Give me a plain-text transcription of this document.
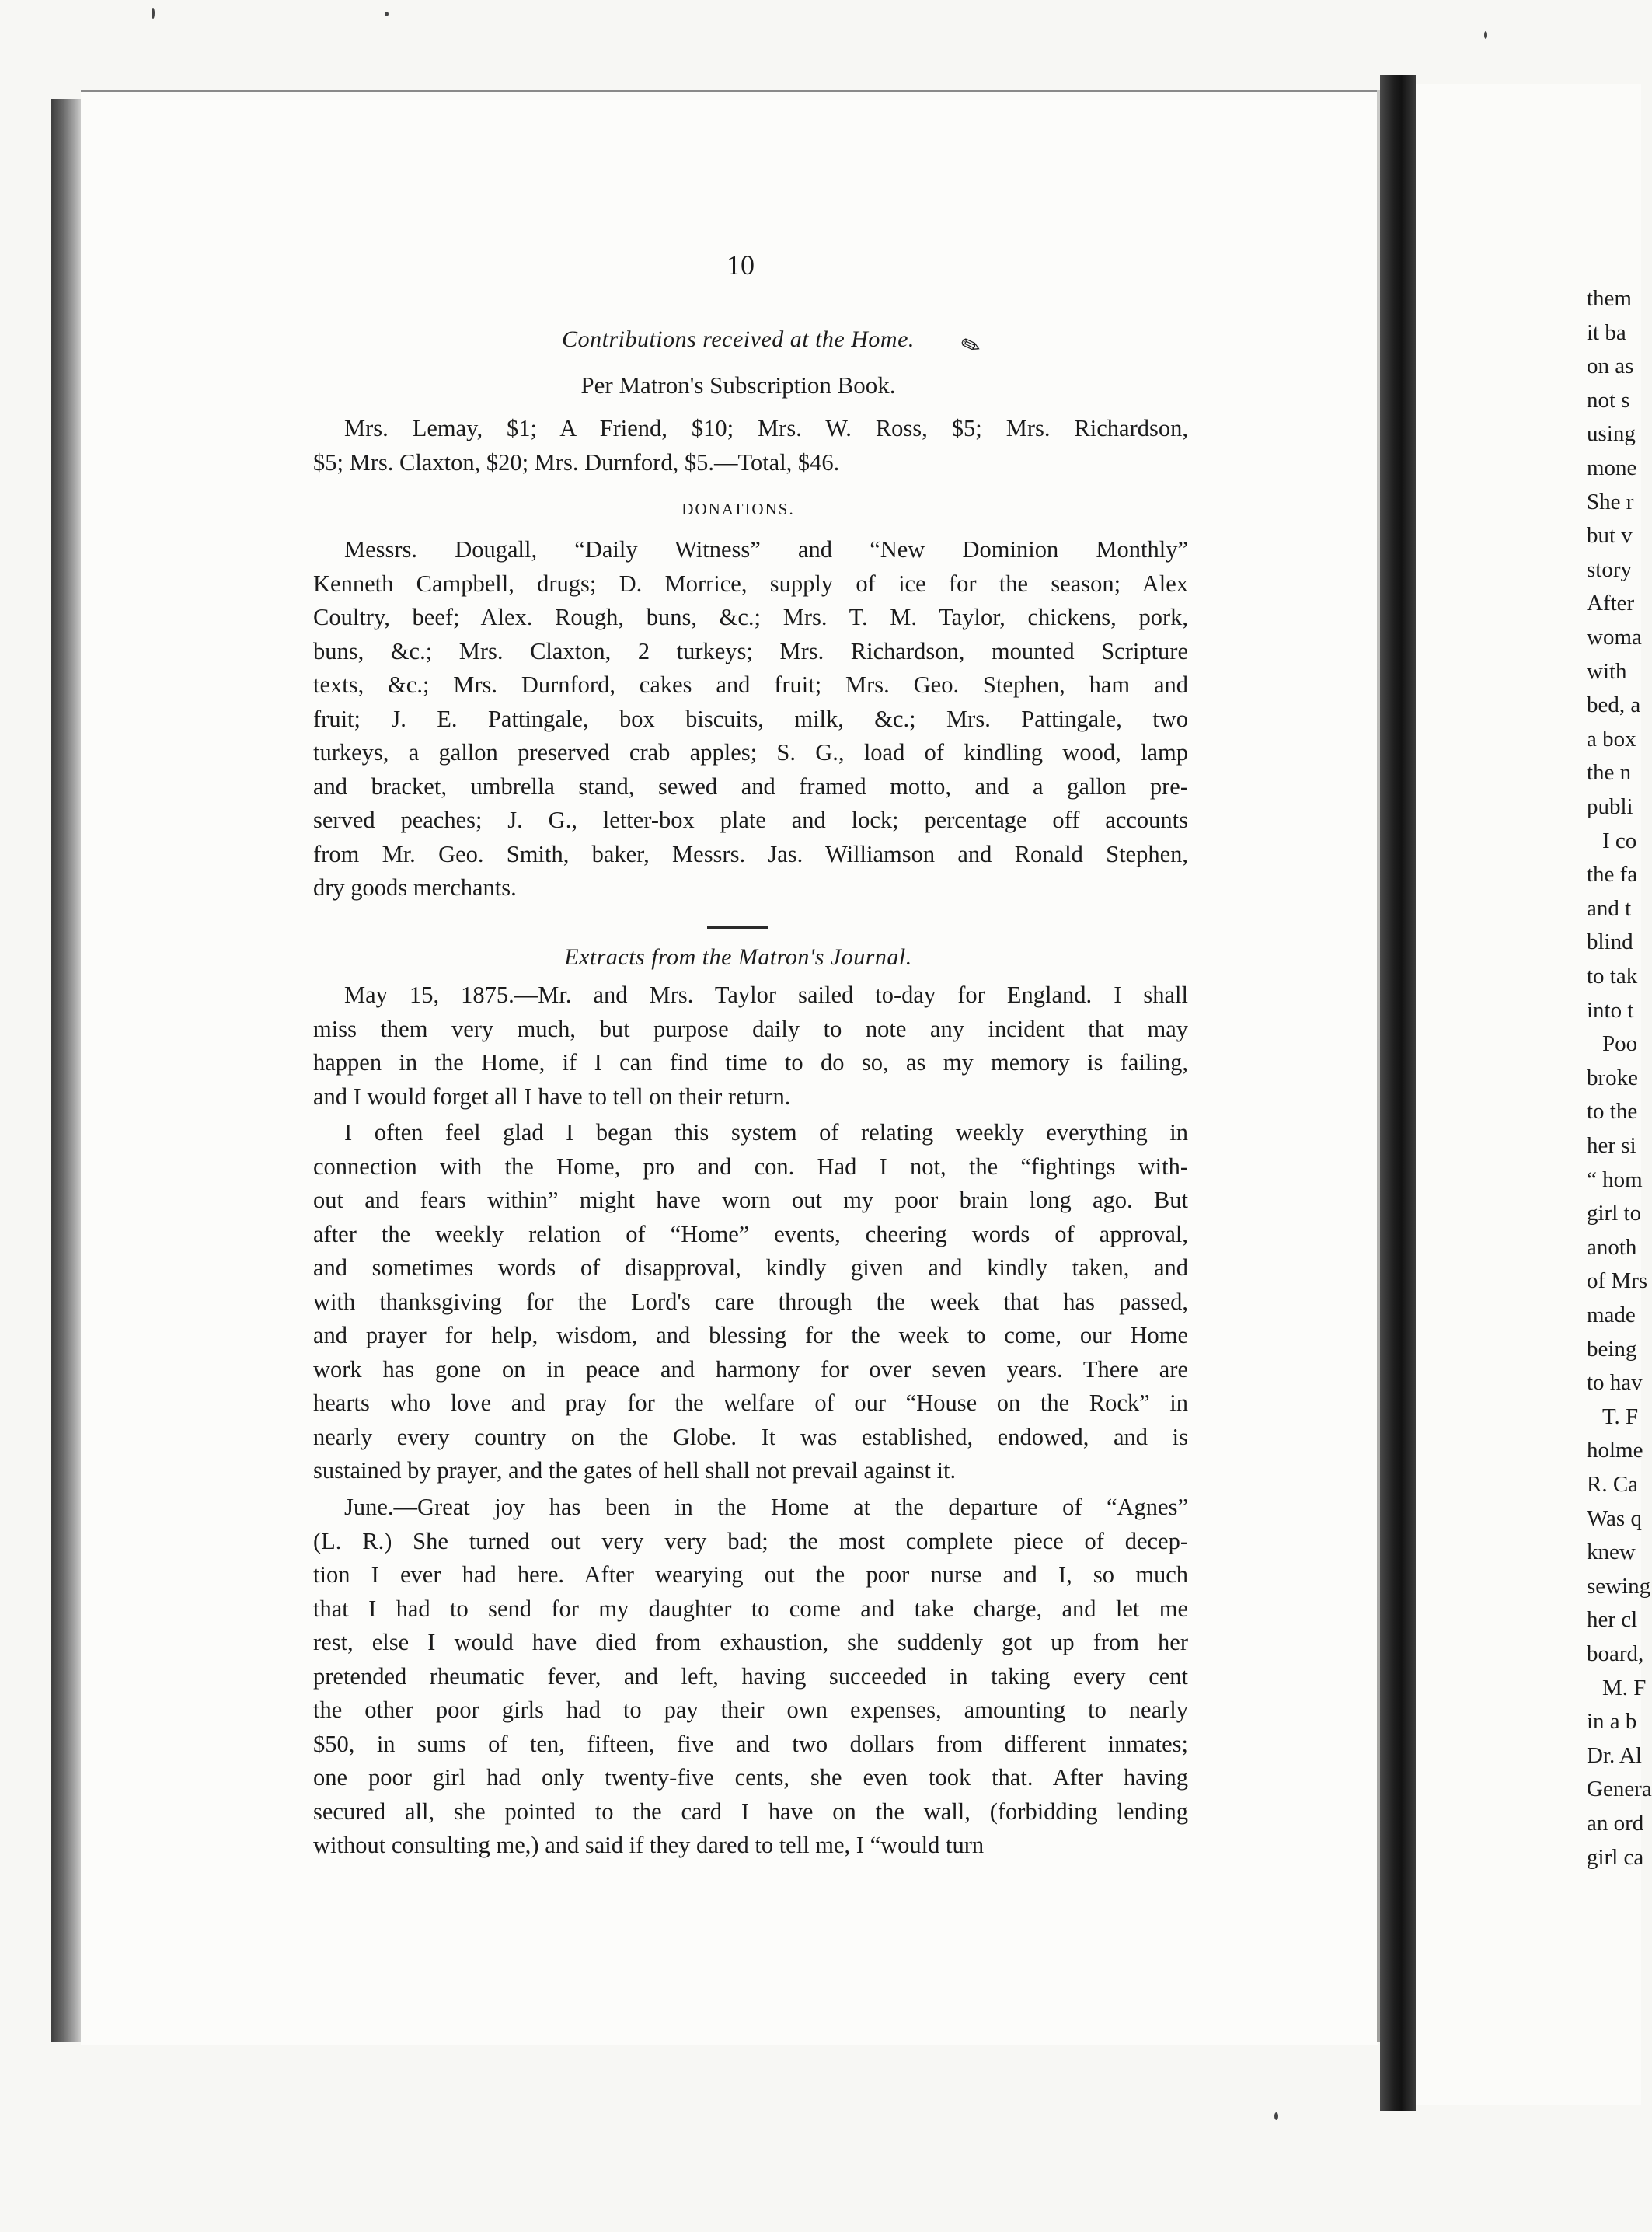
them
it ba
on as
not s
using
mone
She r
but v
story
After
woma
with
bed, a
a box
the n
publi
I co
the fa
and t
blind
to tak
into t
Poo
broke
to the
her si
“ hom
girl to
anoth
of Mrs
made
being
to hav
T. F
holme
R. Ca
Was q
knew
sewing
her cl
board,
M. F
in a b
Dr. Al
Genera
an ord
girl ca
10
Contributions received at the Home.	✎
Per Matron's Subscription Book.
Mrs. Lemay, $1; A Friend, $10; Mrs. W. Ross, $5; Mrs. Richardson,
$5; Mrs. Claxton, $20; Mrs. Durnford, $5.—Total, $46.
DONATIONS.
Messrs. Dougall, “Daily Witness” and “New Dominion Monthly”
Kenneth Campbell, drugs; D. Morrice, supply of ice for the season; Alex
Coultry, beef; Alex. Rough, buns, &c.; Mrs. T. M. Taylor, chickens, pork,
buns, &c.; Mrs. Claxton, 2 turkeys; Mrs. Richardson, mounted Scripture
texts, &c.; Mrs. Durnford, cakes and fruit; Mrs. Geo. Stephen, ham and
fruit; J. E. Pattingale, box biscuits, milk, &c.; Mrs. Pattingale, two
turkeys, a gallon preserved crab apples; S. G., load of kindling wood, lamp
and bracket, umbrella stand, sewed and framed motto, and a gallon pre-
served peaches; J. G., letter-box plate and lock; percentage off accounts
from Mr. Geo. Smith, baker, Messrs. Jas. Williamson and Ronald Stephen,
dry goods merchants.
Extracts from the Matron's Journal.
May 15, 1875.—Mr. and Mrs. Taylor sailed to-day for England. I shall
miss them very much, but purpose daily to note any incident that may
happen in the Home, if I can find time to do so, as my memory is failing,
and I would forget all I have to tell on their return.
I often feel glad I began this system of relating weekly everything in
connection with the Home, pro and con. Had I not, the “fightings with-
out and fears within” might have worn out my poor brain long ago. But
after the weekly relation of “Home” events, cheering words of approval,
and sometimes words of disapproval, kindly given and kindly taken, and
with thanksgiving for the Lord's care through the week that has passed,
and prayer for help, wisdom, and blessing for the week to come, our Home
work has gone on in peace and harmony for over seven years. There are
hearts who love and pray for the welfare of our “House on the Rock” in
nearly every country on the Globe. It was established, endowed, and is
sustained by prayer, and the gates of hell shall not prevail against it.
June.—Great joy has been in the Home at the departure of “Agnes”
(L. R.) She turned out very very bad; the most complete piece of decep-
tion I ever had here. After wearying out the poor nurse and I, so much
that I had to send for my daughter to come and take charge, and let me
rest, else I would have died from exhaustion, she suddenly got up from her
pretended rheumatic fever, and left, having succeeded in taking every cent
the other poor girls had to pay their own expenses, amounting to nearly
$50, in sums of ten, fifteen, five and two dollars from different inmates;
one poor girl had only twenty-five cents, she even took that. After having
secured all, she pointed to the card I have on the wall, (forbidding lending
without consulting me,) and said if they dared to tell me, I “would turn
